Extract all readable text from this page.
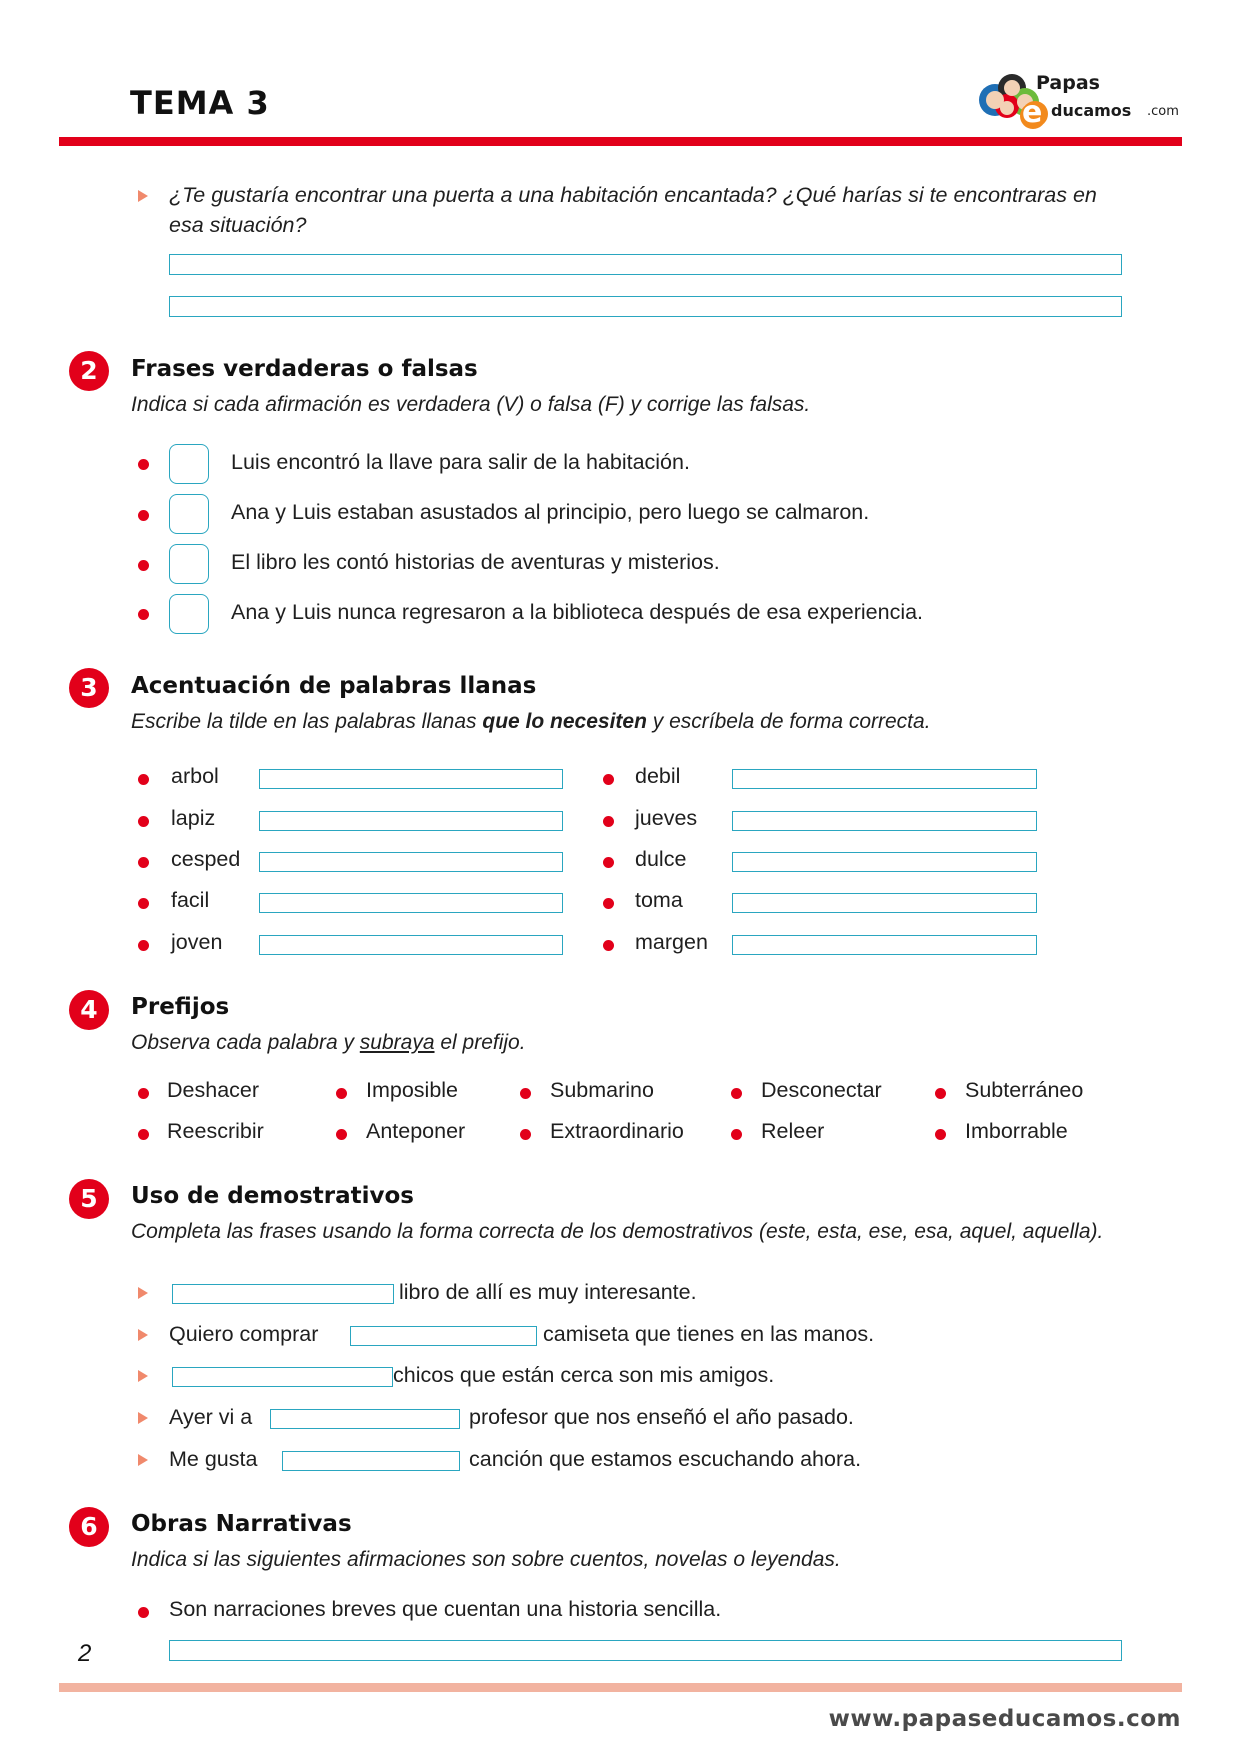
TEMA 3	e
Papas
ducamos .com
¿Te gustaría encontrar una puerta a una habitación encantada? ¿Qué harías si te encontraras en
esa situación?
2	Frases verdaderas o falsas
Indica si cada afirmación es verdadera (V) o falsa (F) y corrige las falsas.
Luis encontró la llave para salir de la habitación.
Ana y Luis estaban asustados al principio, pero luego se calmaron.
El libro les contó historias de aventuras y misterios.
Ana y Luis nunca regresaron a la biblioteca después de esa experiencia.
3	Acentuación de palabras llanas
Escribe la tilde en las palabras llanas que lo necesiten y escríbela de forma correcta.
arbol
lapiz
cesped
facil
joven
debil
jueves
dulce
toma
margen
4	Prefijos
Observa cada palabra y subraya el prefijo.
Deshacer	Imposible	Submarino	Desconectar	Subterráneo
Reescribir	Anteponer	Extraordinario	Releer	Imborrable
5	Uso de demostrativos
Completa las frases usando la forma correcta de los demostrativos (este, esta, ese, esa, aquel, aquella).
libro de allí es muy interesante.
Quiero comprar	camiseta que tienes en las manos.
chicos que están cerca son mis amigos.
Ayer vi a	profesor que nos enseñó el año pasado.
Me gusta	canción que estamos escuchando ahora.
6	Obras Narrativas
Indica si las siguientes afirmaciones son sobre cuentos, novelas o leyendas.
Son narraciones breves que cuentan una historia sencilla.
2
www.papaseducamos.com
